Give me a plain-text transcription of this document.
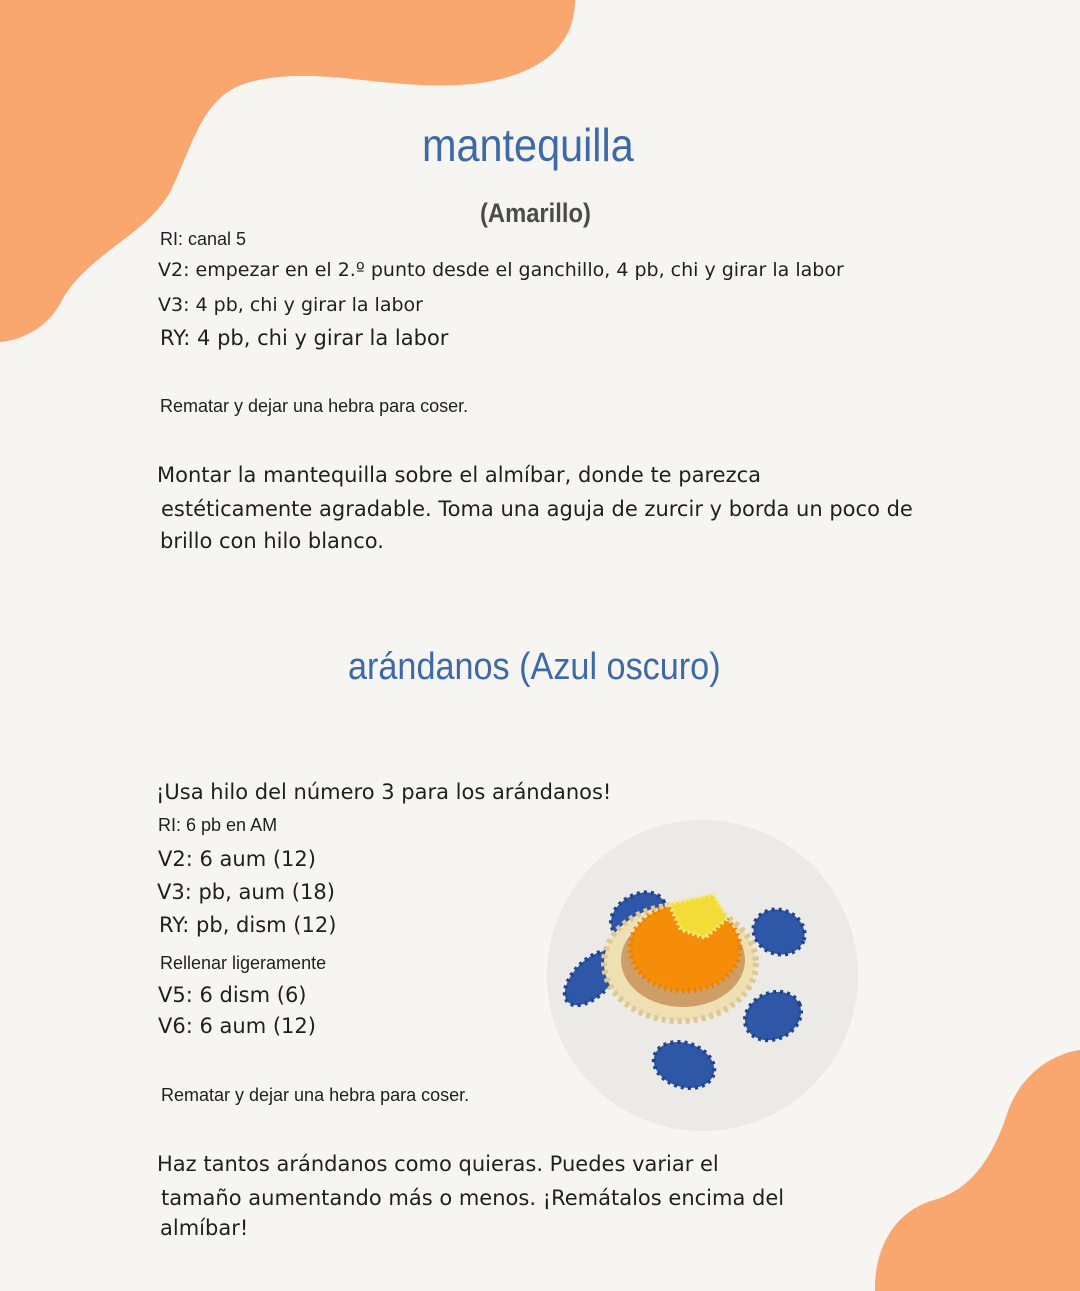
mantequilla
(Amarillo)

RI: canal 5

V2: empezar en el 2.º punto desde el ganchillo, 4 pb, chi y girar la labor

V3: 4 pb, chi y girar la labor

RY: 4 pb, chi y girar la labor

Rematar y dejar una hebra para coser.

Montar la mantequilla sobre el almíbar, donde te parezca

estéticamente agradable. Toma una aguja de zurcir y borda un poco de

brillo con hilo blanco.

arándanos (Azul oscuro)

¡Usa hilo del número 3 para los arándanos!

RI: 6 pb en AM

V2: 6 aum (12)

V3: pb, aum (18)

RY: pb, dism (12)

Rellenar ligeramente

V5: 6 dism (6)

V6: 6 aum (12)

Rematar y dejar una hebra para coser.

Haz tantos arándanos como quieras. Puedes variar el

tamaño aumentando más o menos. ¡Remátalos encima del

almíbar!
